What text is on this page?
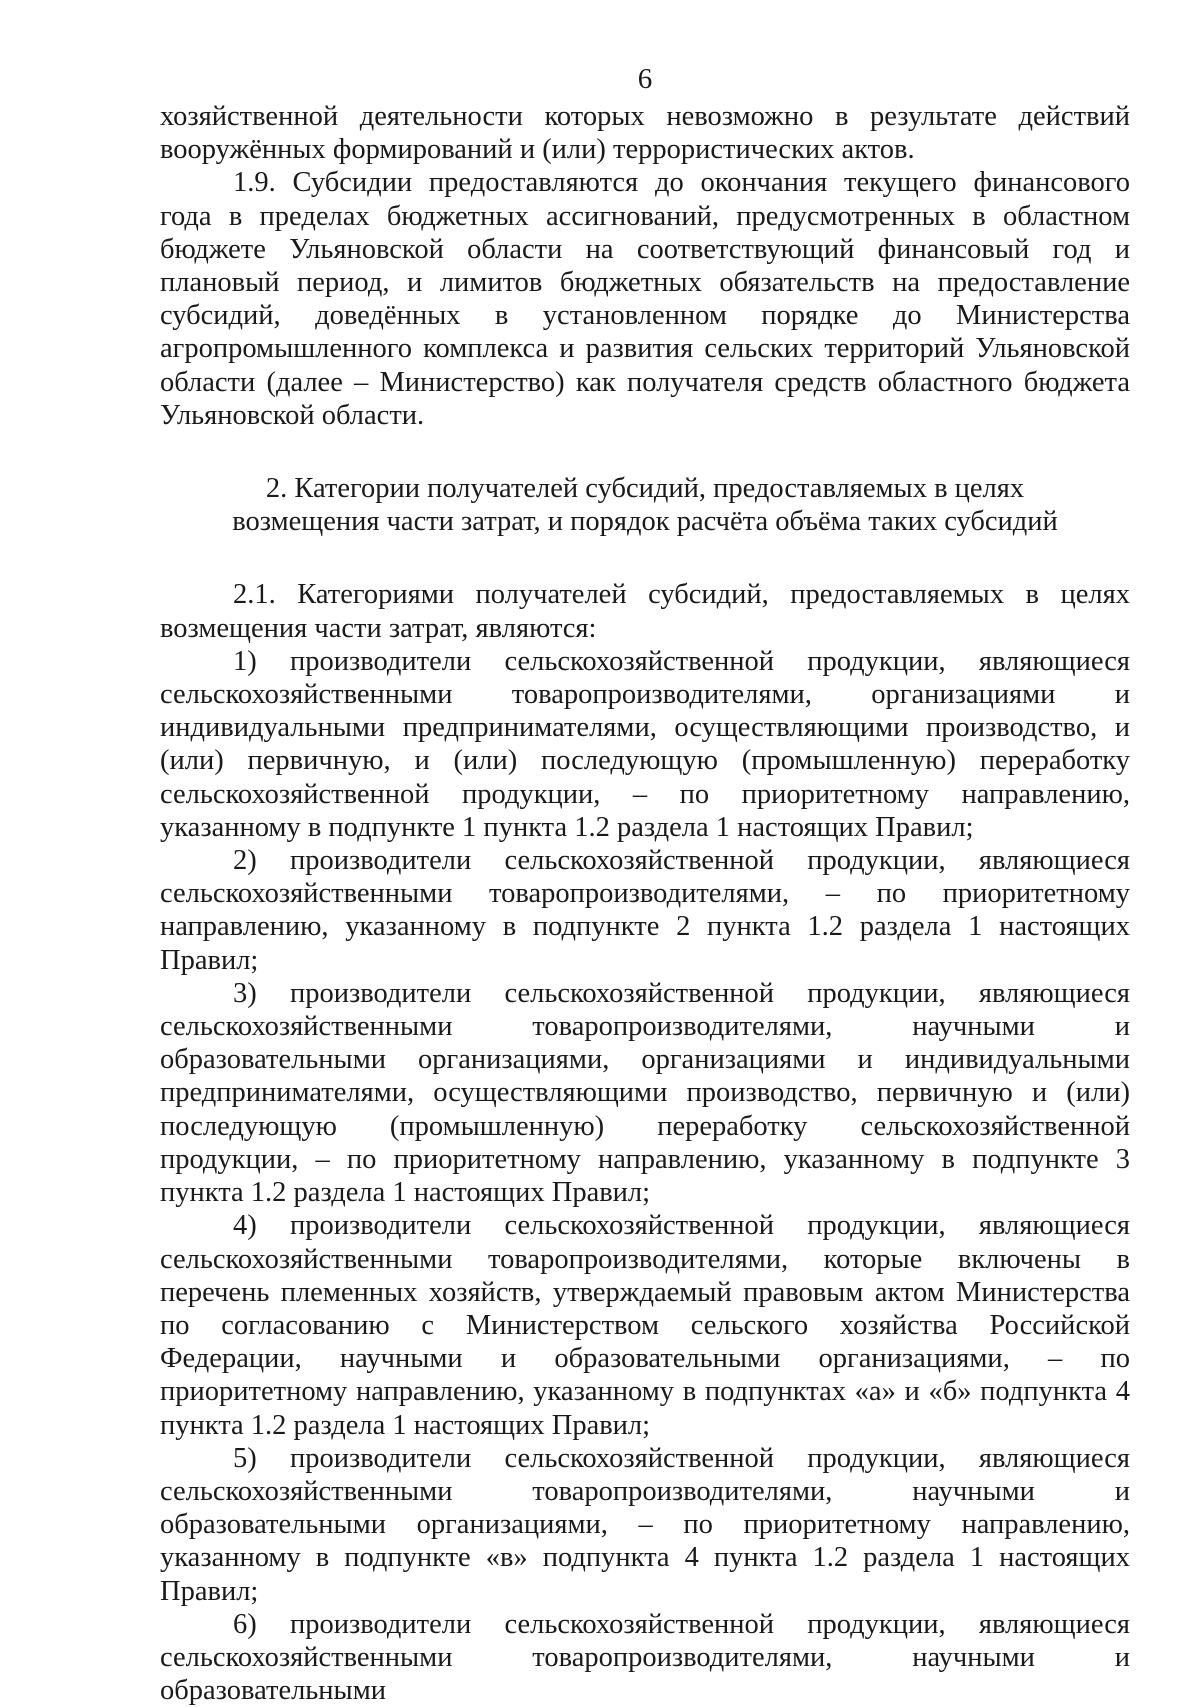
6

хозяйственной деятельности которых невозможно в результате действий вооружённых формирований и (или) террористических актов.

1.9. Субсидии предоставляются до окончания текущего финансового года в пределах бюджетных ассигнований, предусмотренных в областном бюджете Ульяновской области на соответствующий финансовый год и плановый период, и лимитов бюджетных обязательств на предоставление субсидий, доведённых в установленном порядке до Министерства агропромышленного комплекса и развития сельских территорий Ульяновской области (далее – Министерство) как получателя средств областного бюджета Ульяновской области.

2. Категории получателей субсидий, предоставляемых в целях
возмещения части затрат, и порядок расчёта объёма таких субсидий

2.1. Категориями получателей субсидий, предоставляемых в целях возмещения части затрат, являются:

1) производители сельскохозяйственной продукции, являющиеся сельскохозяйственными товаропроизводителями, организациями и индивидуальными предпринимателями, осуществляющими производство, и (или) первичную, и (или) последующую (промышленную) переработку сельскохозяйственной продукции, – по приоритетному направлению, указанному в подпункте 1 пункта 1.2 раздела 1 настоящих Правил;

2) производители сельскохозяйственной продукции, являющиеся сельскохозяйственными товаропроизводителями, – по приоритетному направлению, указанному в подпункте 2 пункта 1.2 раздела 1 настоящих Правил;

3) производители сельскохозяйственной продукции, являющиеся сельскохозяйственными товаропроизводителями, научными и образовательными организациями, организациями и индивидуальными предпринимателями, осуществляющими производство, первичную и (или) последующую (промышленную) переработку сельскохозяйственной продукции, – по приоритетному направлению, указанному в подпункте 3 пункта 1.2 раздела 1 настоящих Правил;

4) производители сельскохозяйственной продукции, являющиеся сельскохозяйственными товаропроизводителями, которые включены в перечень племенных хозяйств, утверждаемый правовым актом Министерства по согласованию с Министерством сельского хозяйства Российской Федерации, научными и образовательными организациями, – по приоритетному направлению, указанному в подпунктах «а» и «б» подпункта 4 пункта 1.2 раздела 1 настоящих Правил;

5) производители сельскохозяйственной продукции, являющиеся сельскохозяйственными товаропроизводителями, научными и образовательными организациями, – по приоритетному направлению, указанному в подпункте «в» подпункта 4 пункта 1.2 раздела 1 настоящих Правил;

6) производители сельскохозяйственной продукции, являющиеся сельскохозяйственными товаропроизводителями, научными и образовательными
